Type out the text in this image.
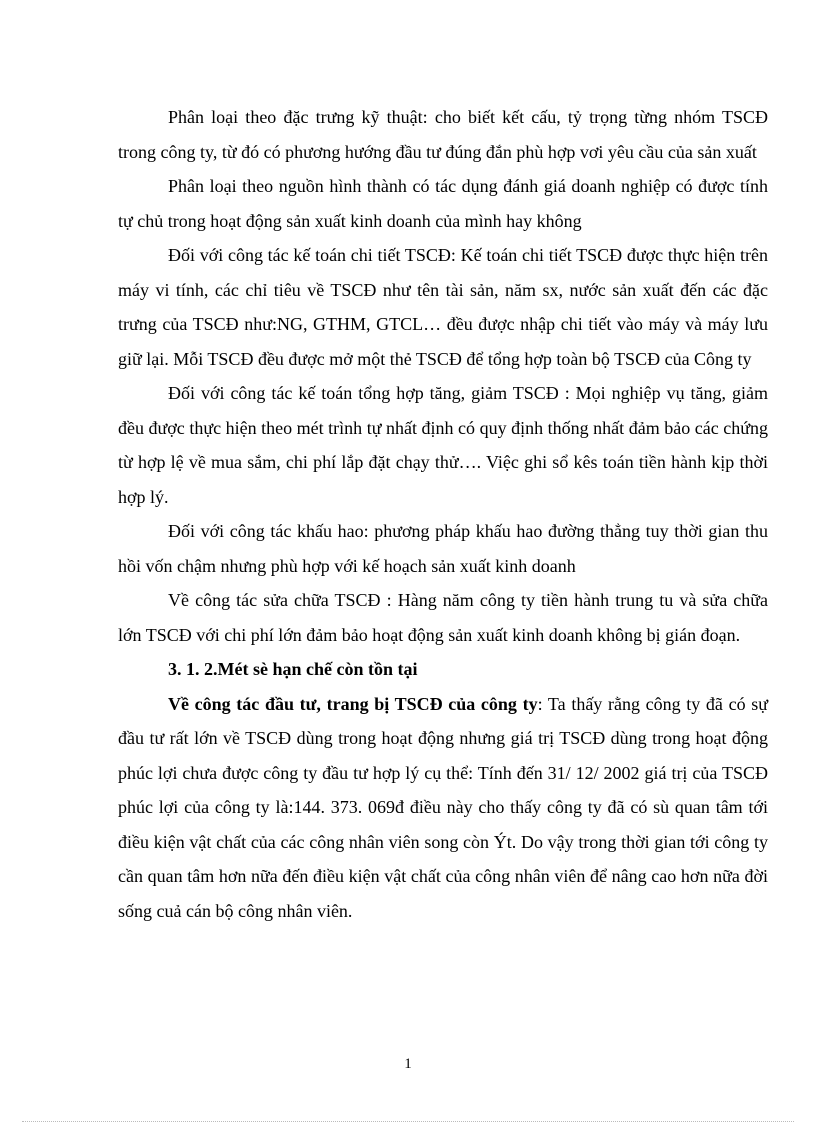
Phân loại theo đặc trưng kỹ thuật: cho biết kết cấu, tỷ trọng từng nhóm TSCĐ trong công ty, từ đó có phương hướng đầu tư đúng đắn phù hợp vơi yêu cầu của sản xuất

Phân loại theo nguồn hình thành có tác dụng đánh giá doanh nghiệp có được tính tự chủ trong hoạt động sản xuất kinh doanh của mình hay không

Đối với công tác kế toán chi tiết TSCĐ: Kế toán chi tiết TSCĐ được thực hiện trên máy vi tính, các chỉ tiêu về TSCĐ như tên tài sản, năm sx, nước sản xuất đến các đặc trưng của TSCĐ như:NG, GTHM, GTCL… đều được nhập chi tiết vào máy và máy lưu giữ lại. Mỗi TSCĐ đều được mở một thẻ TSCĐ để tổng hợp toàn bộ TSCĐ của Công ty

Đối với công tác kế toán tổng hợp tăng, giảm TSCĐ : Mọi nghiệp vụ tăng, giảm đều được thực hiện theo mét trình tự nhất định có quy định thống nhất đảm bảo các chứng từ hợp lệ về mua sắm, chi phí lắp đặt chạy thử…. Việc ghi sổ kês toán tiền hành kịp thời hợp lý.

Đối với công tác khấu hao: phương pháp khấu hao đường thẳng tuy thời gian thu hồi vốn chậm nhưng phù hợp với kế hoạch sản xuất kinh doanh

Về công tác sửa chữa TSCĐ : Hàng năm công ty tiền hành trung tu và sửa chữa lớn TSCĐ với chi phí lớn đảm bảo hoạt động sản xuất kinh doanh không bị gián đoạn.

3. 1. 2.Mét sè hạn chế còn tồn tại

Về công tác đầu tư, trang bị TSCĐ của công ty: Ta thấy rằng công ty đã có sự đầu tư rất lớn về TSCĐ dùng trong hoạt động nhưng giá trị TSCĐ dùng trong hoạt động phúc lợi chưa được công ty đầu tư hợp lý cụ thể: Tính đến 31/ 12/ 2002 giá trị của TSCĐ phúc lợi của công ty là:144. 373. 069đ điều này cho thấy công ty đã có sù quan tâm tới điều kiện vật chất của các công nhân viên song còn Ýt. Do vậy trong thời gian tới công ty cần quan tâm hơn nữa đến điều kiện vật chất của công nhân viên để nâng cao hơn nữa đời sống cuả cán bộ công nhân viên.

1
